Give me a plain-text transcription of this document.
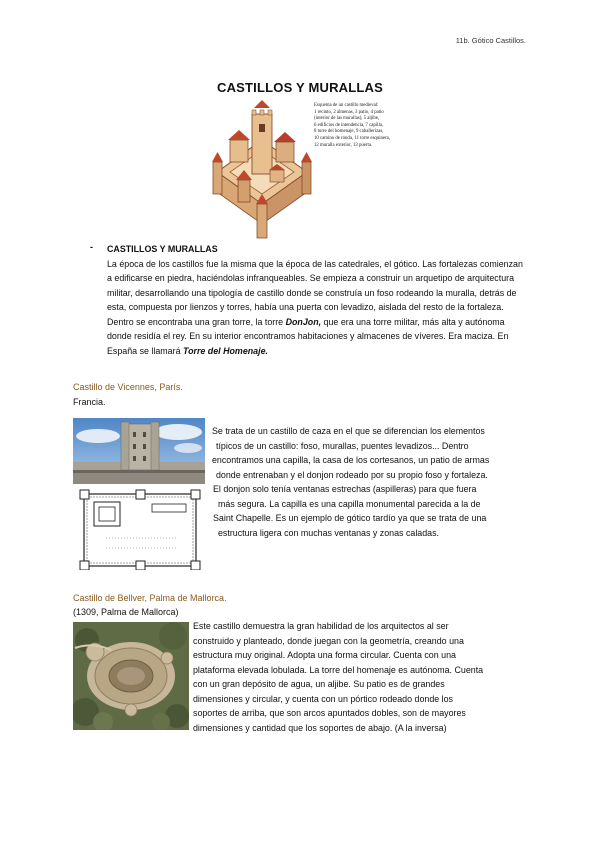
11b. Gótico Castillos.
CASTILLOS Y MURALLAS
Esquema de un castillo medieval:
1 recinto, 2 almenas, 3 patio, 4 patio
(interior de las murallas), 5 aljibe,
6 edificios de intendencia, 7 capilla,
8 torre del homenaje, 9 caballerizas,
10 camino de ronda, 11 torre esquinera,
12 muralla exterior, 13 puerta.
- CASTILLOS Y MURALLAS
La época de los castillos fue la misma que la época de las catedrales, el gótico. Las fortalezas comienzan a edificarse en piedra, haciéndolas infranqueables. Se empieza a construir un arquetipo de arquitectura militar, desarrollando una tipología de castillo donde se construía un foso rodeando la muralla, detrás de esta, compuesta por lienzos y torres, había una puerta con levadizo, aislada del resto de la fortaleza. Dentro se encontraba una gran torre, la torre DonJon, que era una torre militar, más alta y autónoma donde residía el rey. En su interior encontramos habitaciones y almacenes de víveres. Era maciza. En España se llamará Torre del Homenaje.
Castillo de Vicennes, París.
Francia.
Se trata de un castillo de caza en el que se diferencian los elementos
típicos de un castillo: foso, murallas, puentes levadizos... Dentro
encontramos una capilla, la casa de los cortesanos, un patio de armas
donde entrenaban y el donjon rodeado por su propio foso y fortaleza.
El donjon solo tenía ventanas estrechas (aspilleras) para que fuera
más segura. La capilla es una capilla monumental parecida a la de
Saint Chapelle. Es un ejemplo de gótico tardío ya que se trata de una
estructura ligera con muchas ventanas y zonas caladas.
Castillo de Bellver, Palma de Mallorca.
(1309, Palma de Mallorca)
Este castillo demuestra la gran habilidad de los arquitectos al ser
construido y planteado, donde juegan con la geometría, creando una
estructura muy original. Adopta una forma circular. Cuenta con una
plataforma elevada lobulada. La torre del homenaje es autónoma. Cuenta
con un gran depósito de agua, un aljibe. Su patio es de grandes
dimensiones y circular, y cuenta con un pórtico rodeado donde los
soportes de arriba, que son arcos apuntados dobles, son de mayores
dimensiones y cantidad que los soportes de abajo. (A la inversa)
